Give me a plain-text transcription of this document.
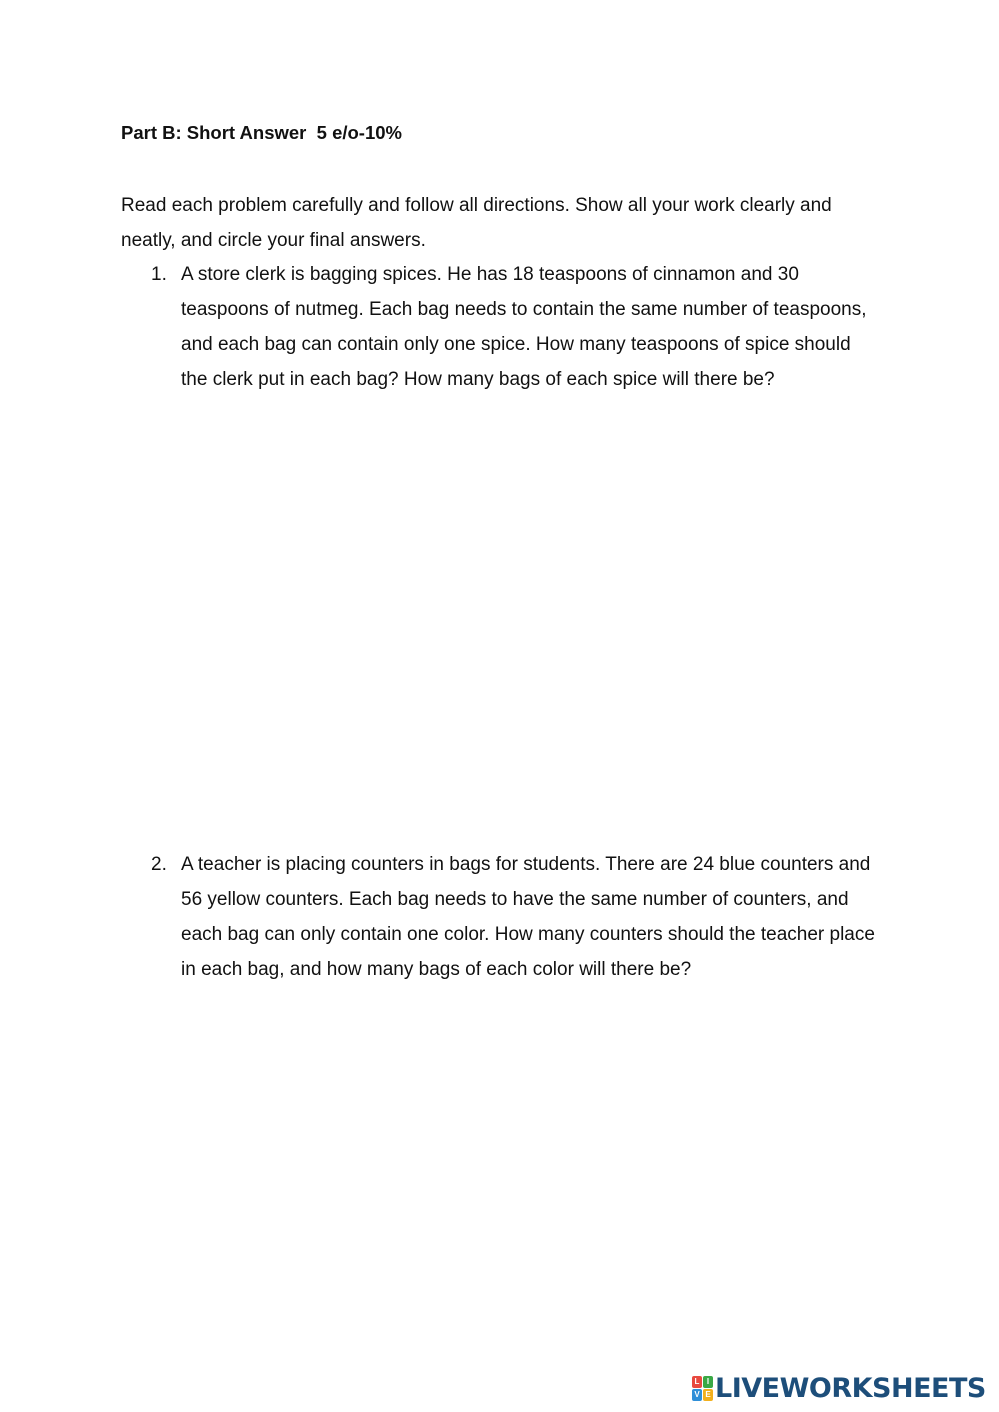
Part B: Short Answer  5 e/o-10%
Read each problem carefully and follow all directions. Show all your work clearly and neatly, and circle your final answers.
1. A store clerk is bagging spices. He has 18 teaspoons of cinnamon and 30 teaspoons of nutmeg. Each bag needs to contain the same number of teaspoons, and each bag can contain only one spice. How many teaspoons of spice should the clerk put in each bag? How many bags of each spice will there be?
2. A teacher is placing counters in bags for students. There are 24 blue counters and 56 yellow counters. Each bag needs to have the same number of counters, and each bag can only contain one color. How many counters should the teacher place in each bag, and how many bags of each color will there be?
L I
V E LIVEWORKSHEETS
